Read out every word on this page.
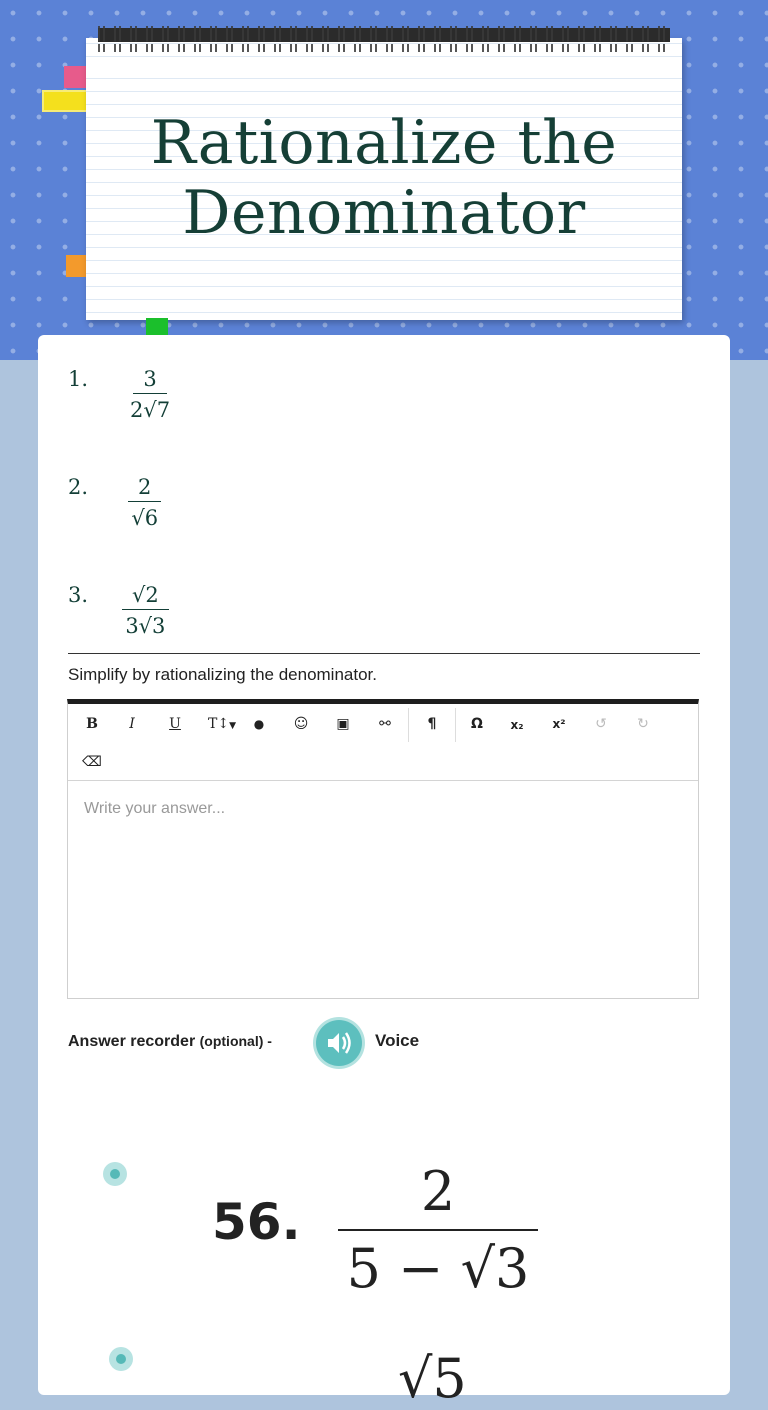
Rationalize the Denominator
1. $\frac{3}{2√7}$
2. $\frac{2}{√6}$
3. $\frac{√2}{3√3}$
Simplify by rationalizing the denominator.
B	I	U	T↕▼	●	☺	▣	⚯	¶	Ω	x₂	x²	↺	↻
⌫
Write your answer...
Answer recorder (optional) -	Voice
56.	2
5 − √3
√5
